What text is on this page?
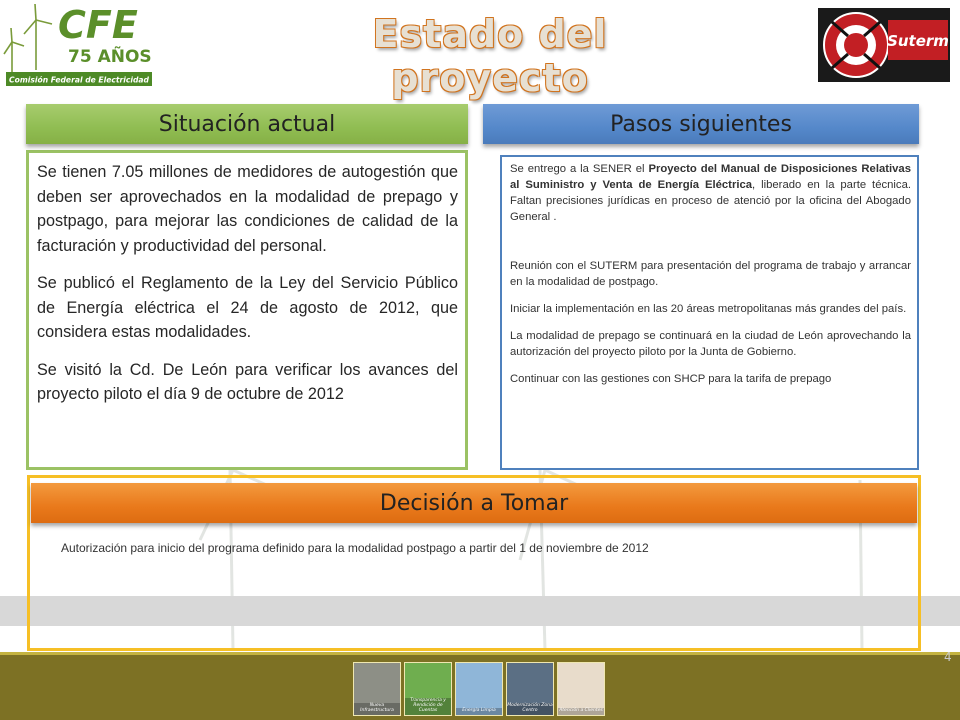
CFE
75 AÑOS
Comisión Federal de Electricidad
Suterm
Estado del proyecto
Situación actual

Se tienen 7.05 millones de medidores de autogestión que deben ser aprovechados en la modalidad de prepago y postpago, para mejorar las condiciones de calidad de la facturación y productividad del personal.

Se publicó el Reglamento de la Ley del Servicio Público de Energía eléctrica el 24 de agosto de 2012, que considera estas modalidades.

Se visitó la Cd. De León para verificar los avances del proyecto piloto el día 9 de octubre de 2012

Pasos siguientes

Se entrego a la SENER el Proyecto del Manual de Disposiciones Relativas al Suministro y Venta de Energía Eléctrica, liberado en la parte técnica. Faltan precisiones jurídicas en proceso de atenció por la oficina del Abogado General .

Reunión con el SUTERM para presentación del programa de trabajo y arrancar en la modalidad de postpago.

Iniciar la implementación en las 20 áreas metropolitanas más grandes del país.

La modalidad de prepago se continuará en la ciudad de León aprovechando la autorización del proyecto piloto por la Junta de Gobierno.

Continuar con las gestiones con SHCP para la tarifa de prepago

Decisión a Tomar
Autorización para inicio del programa definido para la modalidad postpago a partir del 1 de noviembre de 2012
Nueva Infraestructura
Transparencia y Rendición de Cuentas	Energía Limpia
Modernización Zona Centro	Atención a Clientes
4
